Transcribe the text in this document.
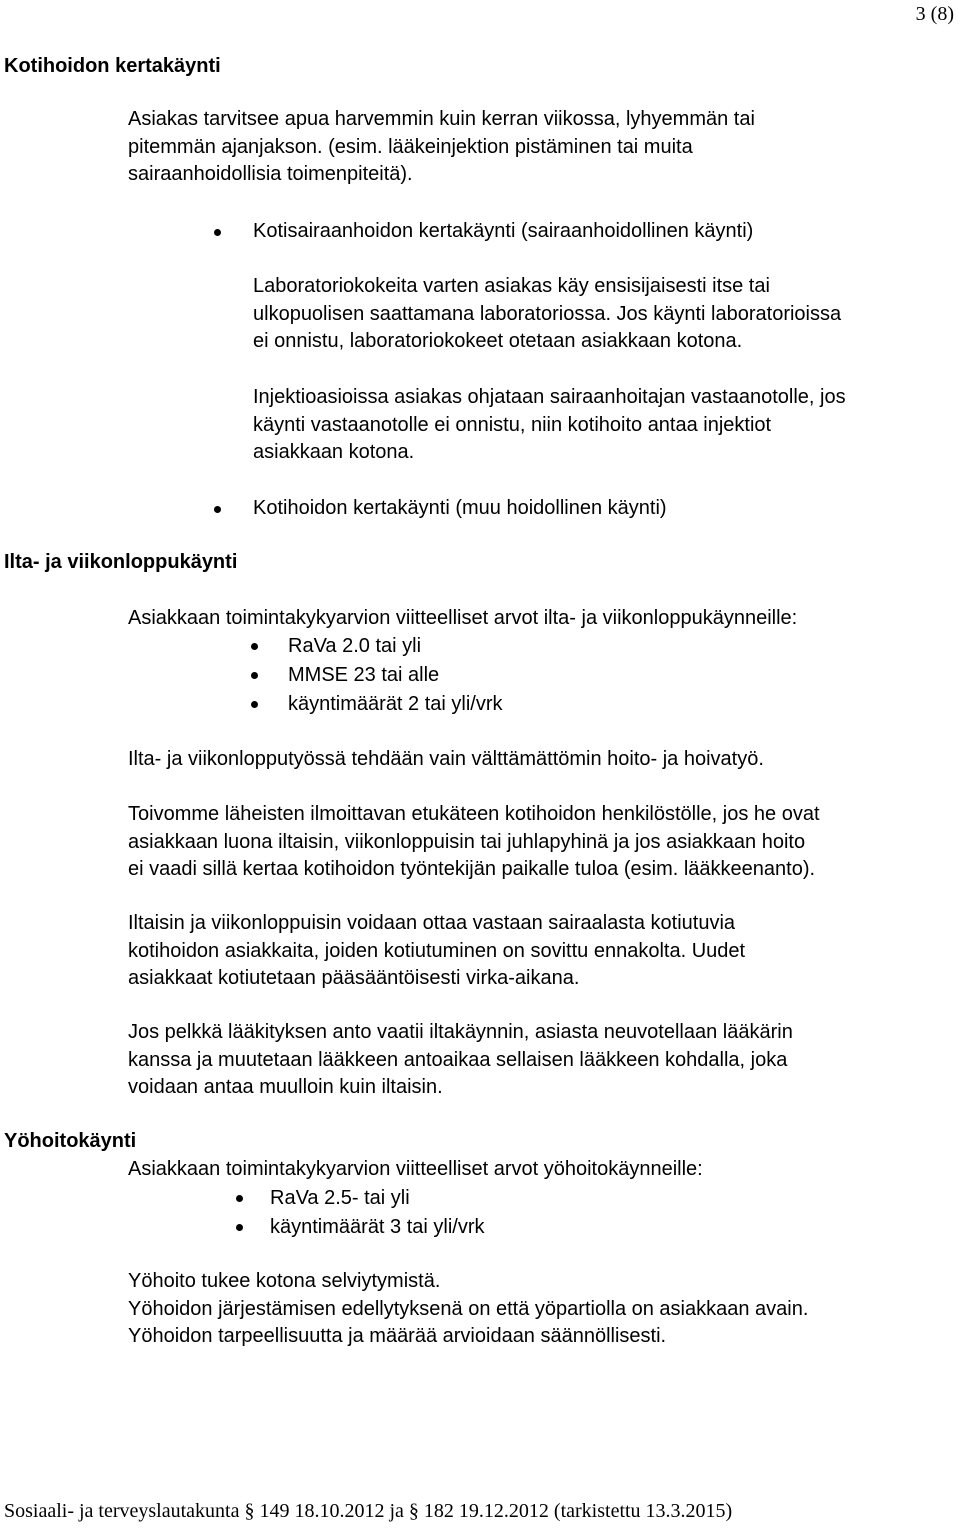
3 (8)
Kotihoidon kertakäynti
Asiakas tarvitsee apua harvemmin kuin kerran viikossa, lyhyemmän tai
pitemmän ajanjakson. (esim. lääkeinjektion pistäminen tai muita
sairaanhoidollisia toimenpiteitä).
Kotisairaanhoidon kertakäynti (sairaanhoidollinen käynti)
Laboratoriokokeita varten asiakas käy ensisijaisesti itse tai
ulkopuolisen saattamana laboratoriossa. Jos käynti laboratorioissa
ei onnistu, laboratoriokokeet otetaan asiakkaan kotona.
Injektioasioissa asiakas ohjataan sairaanhoitajan vastaanotolle, jos
käynti vastaanotolle ei onnistu, niin kotihoito antaa injektiot
asiakkaan kotona.
Kotihoidon kertakäynti (muu hoidollinen käynti)
Ilta- ja viikonloppukäynti
Asiakkaan toimintakykyarvion viitteelliset arvot ilta- ja viikonloppukäynneille:
RaVa 2.0 tai yli
MMSE 23 tai alle
käyntimäärät 2 tai yli/vrk
Ilta- ja viikonlopputyössä tehdään vain välttämättömin hoito- ja hoivatyö.
Toivomme läheisten ilmoittavan etukäteen kotihoidon henkilöstölle, jos he ovat
asiakkaan luona iltaisin, viikonloppuisin tai juhlapyhinä ja jos asiakkaan hoito
ei vaadi sillä kertaa kotihoidon työntekijän paikalle tuloa (esim. lääkkeenanto).
Iltaisin ja viikonloppuisin voidaan ottaa vastaan sairaalasta kotiutuvia
kotihoidon asiakkaita, joiden kotiutuminen on sovittu ennakolta. Uudet
asiakkaat kotiutetaan pääsääntöisesti virka-aikana.
Jos pelkkä lääkityksen anto vaatii iltakäynnin, asiasta neuvotellaan lääkärin
kanssa ja muutetaan lääkkeen antoaikaa sellaisen lääkkeen kohdalla, joka
voidaan antaa muulloin kuin iltaisin.
Yöhoitokäynti
Asiakkaan toimintakykyarvion viitteelliset arvot yöhoitokäynneille:
RaVa 2.5- tai yli
käyntimäärät 3 tai yli/vrk
Yöhoito tukee kotona selviytymistä.
Yöhoidon järjestämisen edellytyksenä on että yöpartiolla on asiakkaan avain.
Yöhoidon tarpeellisuutta ja määrää arvioidaan säännöllisesti.
Sosiaali- ja terveyslautakunta § 149 18.10.2012 ja § 182 19.12.2012 (tarkistettu 13.3.2015)
